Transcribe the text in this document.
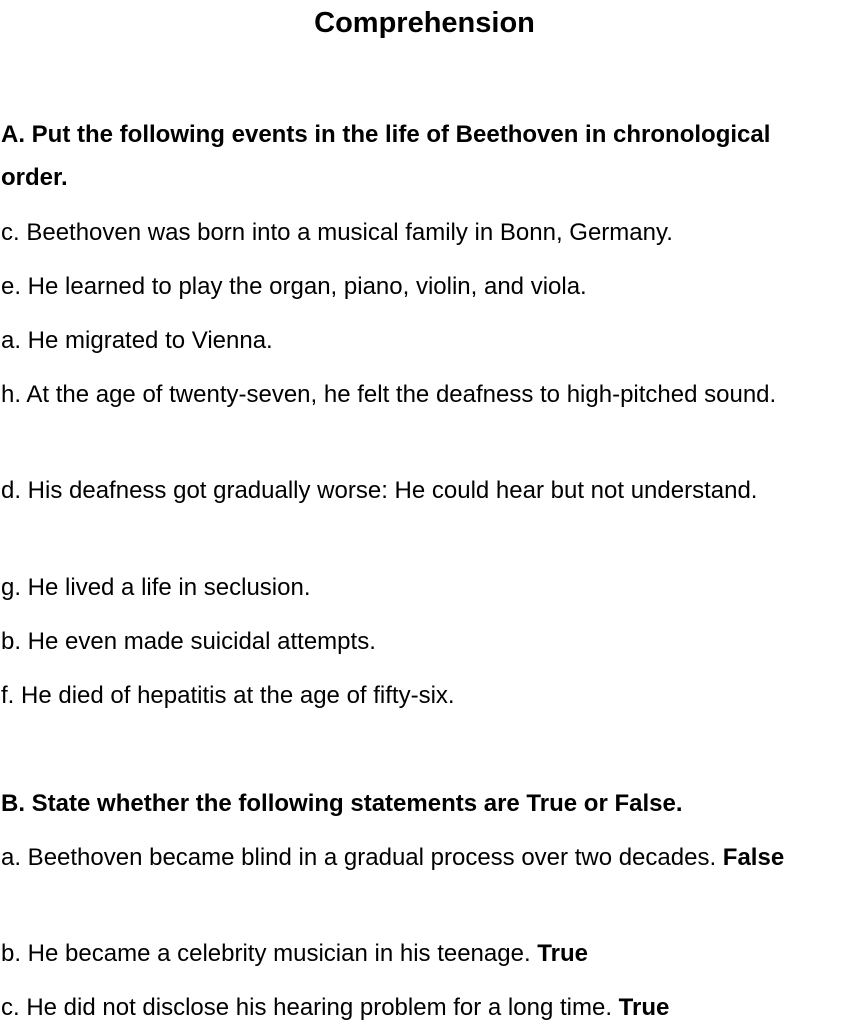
Comprehension

A. Put the following events in the life of Beethoven in chronological order.

c. Beethoven was born into a musical family in Bonn, Germany.

e. He learned to play the organ, piano, violin, and viola.

a. He migrated to Vienna.

h. At the age of twenty-seven, he felt the deafness to high-pitched sound.

d. His deafness got gradually worse: He could hear but not understand.

g. He lived a life in seclusion.

b. He even made suicidal attempts.

f. He died of hepatitis at the age of fifty-six.

B. State whether the following statements are True or False.

a. Beethoven became blind in a gradual process over two decades. False

b. He became a celebrity musician in his teenage. True

c. He did not disclose his hearing problem for a long time. True
